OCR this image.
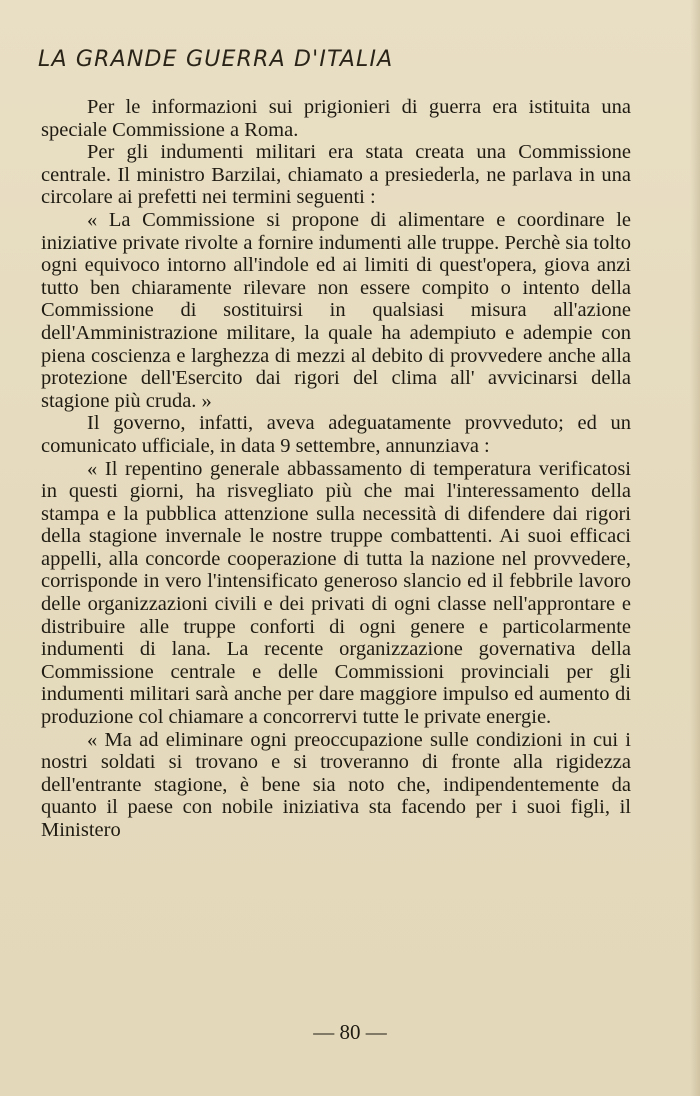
LA GRANDE GUERRA D'ITALIA

Per le informazioni sui prigionieri di guerra era istituita una speciale Commissione a Roma.

Per gli indumenti militari era stata creata una Commissione centrale. Il ministro Barzilai, chiamato a presiederla, ne parlava in una circolare ai prefetti nei termini seguenti :

« La Commissione si propone di alimentare e coordinare le iniziative private rivolte a fornire indumenti alle truppe. Perchè sia tolto ogni equivoco intorno all'indole ed ai limiti di quest'opera, giova anzi tutto ben chiaramente rilevare non essere compito o intento della Commissione di sostituirsi in qualsiasi misura all'azione dell'Amministrazione militare, la quale ha adempiuto e adempie con piena coscienza e larghezza di mezzi al debito di provvedere anche alla protezione dell'Esercito dai rigori del clima all' avvicinarsi della stagione più cruda. »

Il governo, infatti, aveva adeguatamente provveduto; ed un comunicato ufficiale, in data 9 settembre, annunziava :

« Il repentino generale abbassamento di temperatura verificatosi in questi giorni, ha risvegliato più che mai l'interessamento della stampa e la pubblica attenzione sulla necessità di difendere dai rigori della stagione invernale le nostre truppe combattenti. Ai suoi efficaci appelli, alla concorde cooperazione di tutta la nazione nel provvedere, corrisponde in vero l'intensificato generoso slancio ed il febbrile lavoro delle organizzazioni civili e dei privati di ogni classe nell'approntare e distribuire alle truppe conforti di ogni genere e particolarmente indumenti di lana. La recente organizzazione governativa della Commissione centrale e delle Commissioni provinciali per gli indumenti militari sarà anche per dare maggiore impulso ed aumento di produzione col chiamare a concorrervi tutte le private energie.

« Ma ad eliminare ogni preoccupazione sulle condizioni in cui i nostri soldati si trovano e si troveranno di fronte alla rigidezza dell'entrante stagione, è bene sia noto che, indipendentemente da quanto il paese con nobile iniziativa sta facendo per i suoi figli, il Ministero

— 80 —
